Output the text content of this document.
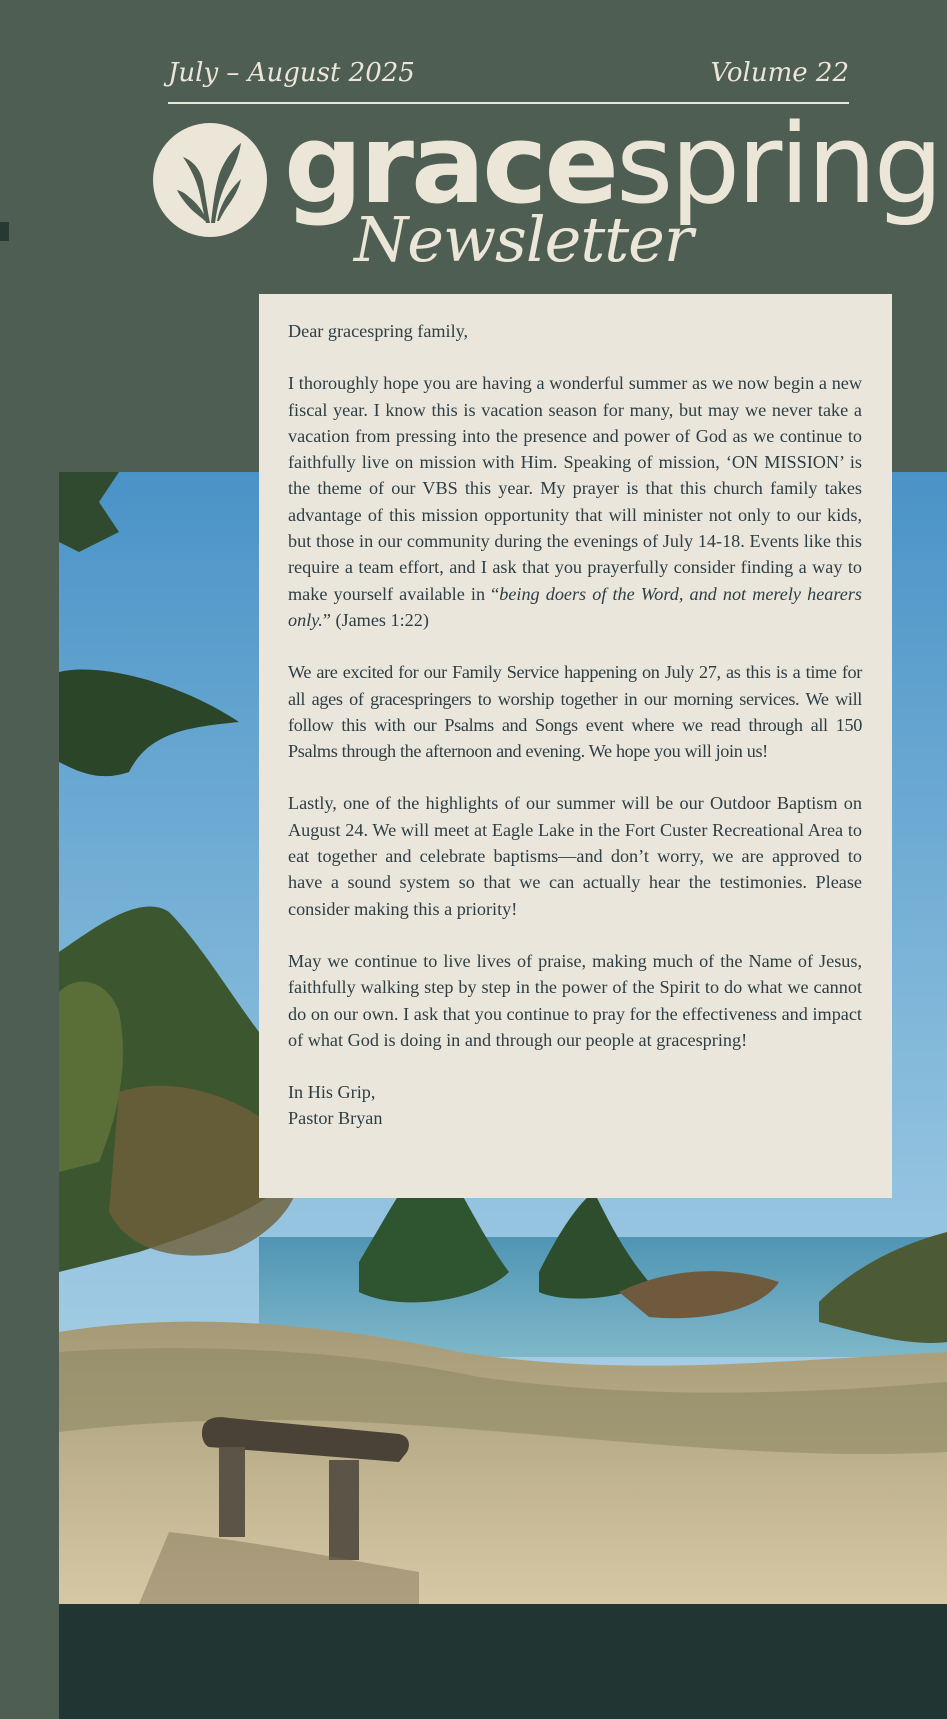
July – August 2025	Volume 22
gracespring
Newsletter

Dear gracespring family,

I thoroughly hope you are having a wonderful summer as we now begin a new fiscal year. I know this is vacation season for many, but may we never take a vacation from pressing into the presence and power of God as we continue to faithfully live on mission with Him. Speaking of mission, ‘ON MISSION’ is the theme of our VBS this year. My prayer is that this church family takes advantage of this mission opportunity that will minister not only to our kids, but those in our community during the evenings of July 14-18. Events like this require a team effort, and I ask that you prayerfully consider finding a way to make yourself available in “being doers of the Word, and not merely hearers only.” (James 1:22)

We are excited for our Family Service happening on July 27, as this is a time for all ages of gracespringers to worship together in our morning services. We will follow this with our Psalms and Songs event where we read through all 150 Psalms through the afternoon and evening. We hope you will join us!

Lastly, one of the highlights of our summer will be our Outdoor Baptism on August 24. We will meet at Eagle Lake in the Fort Custer Recreational Area to eat together and celebrate baptisms—and don’t worry, we are approved to have a sound system so that we can actually hear the testimonies. Please consider making this a priority!

May we continue to live lives of praise, making much of the Name of Jesus, faithfully walking step by step in the power of the Spirit to do what we cannot do on our own. I ask that you continue to pray for the effectiveness and impact of what God is doing in and through our people at gracespring!

In His Grip,
Pastor Bryan
